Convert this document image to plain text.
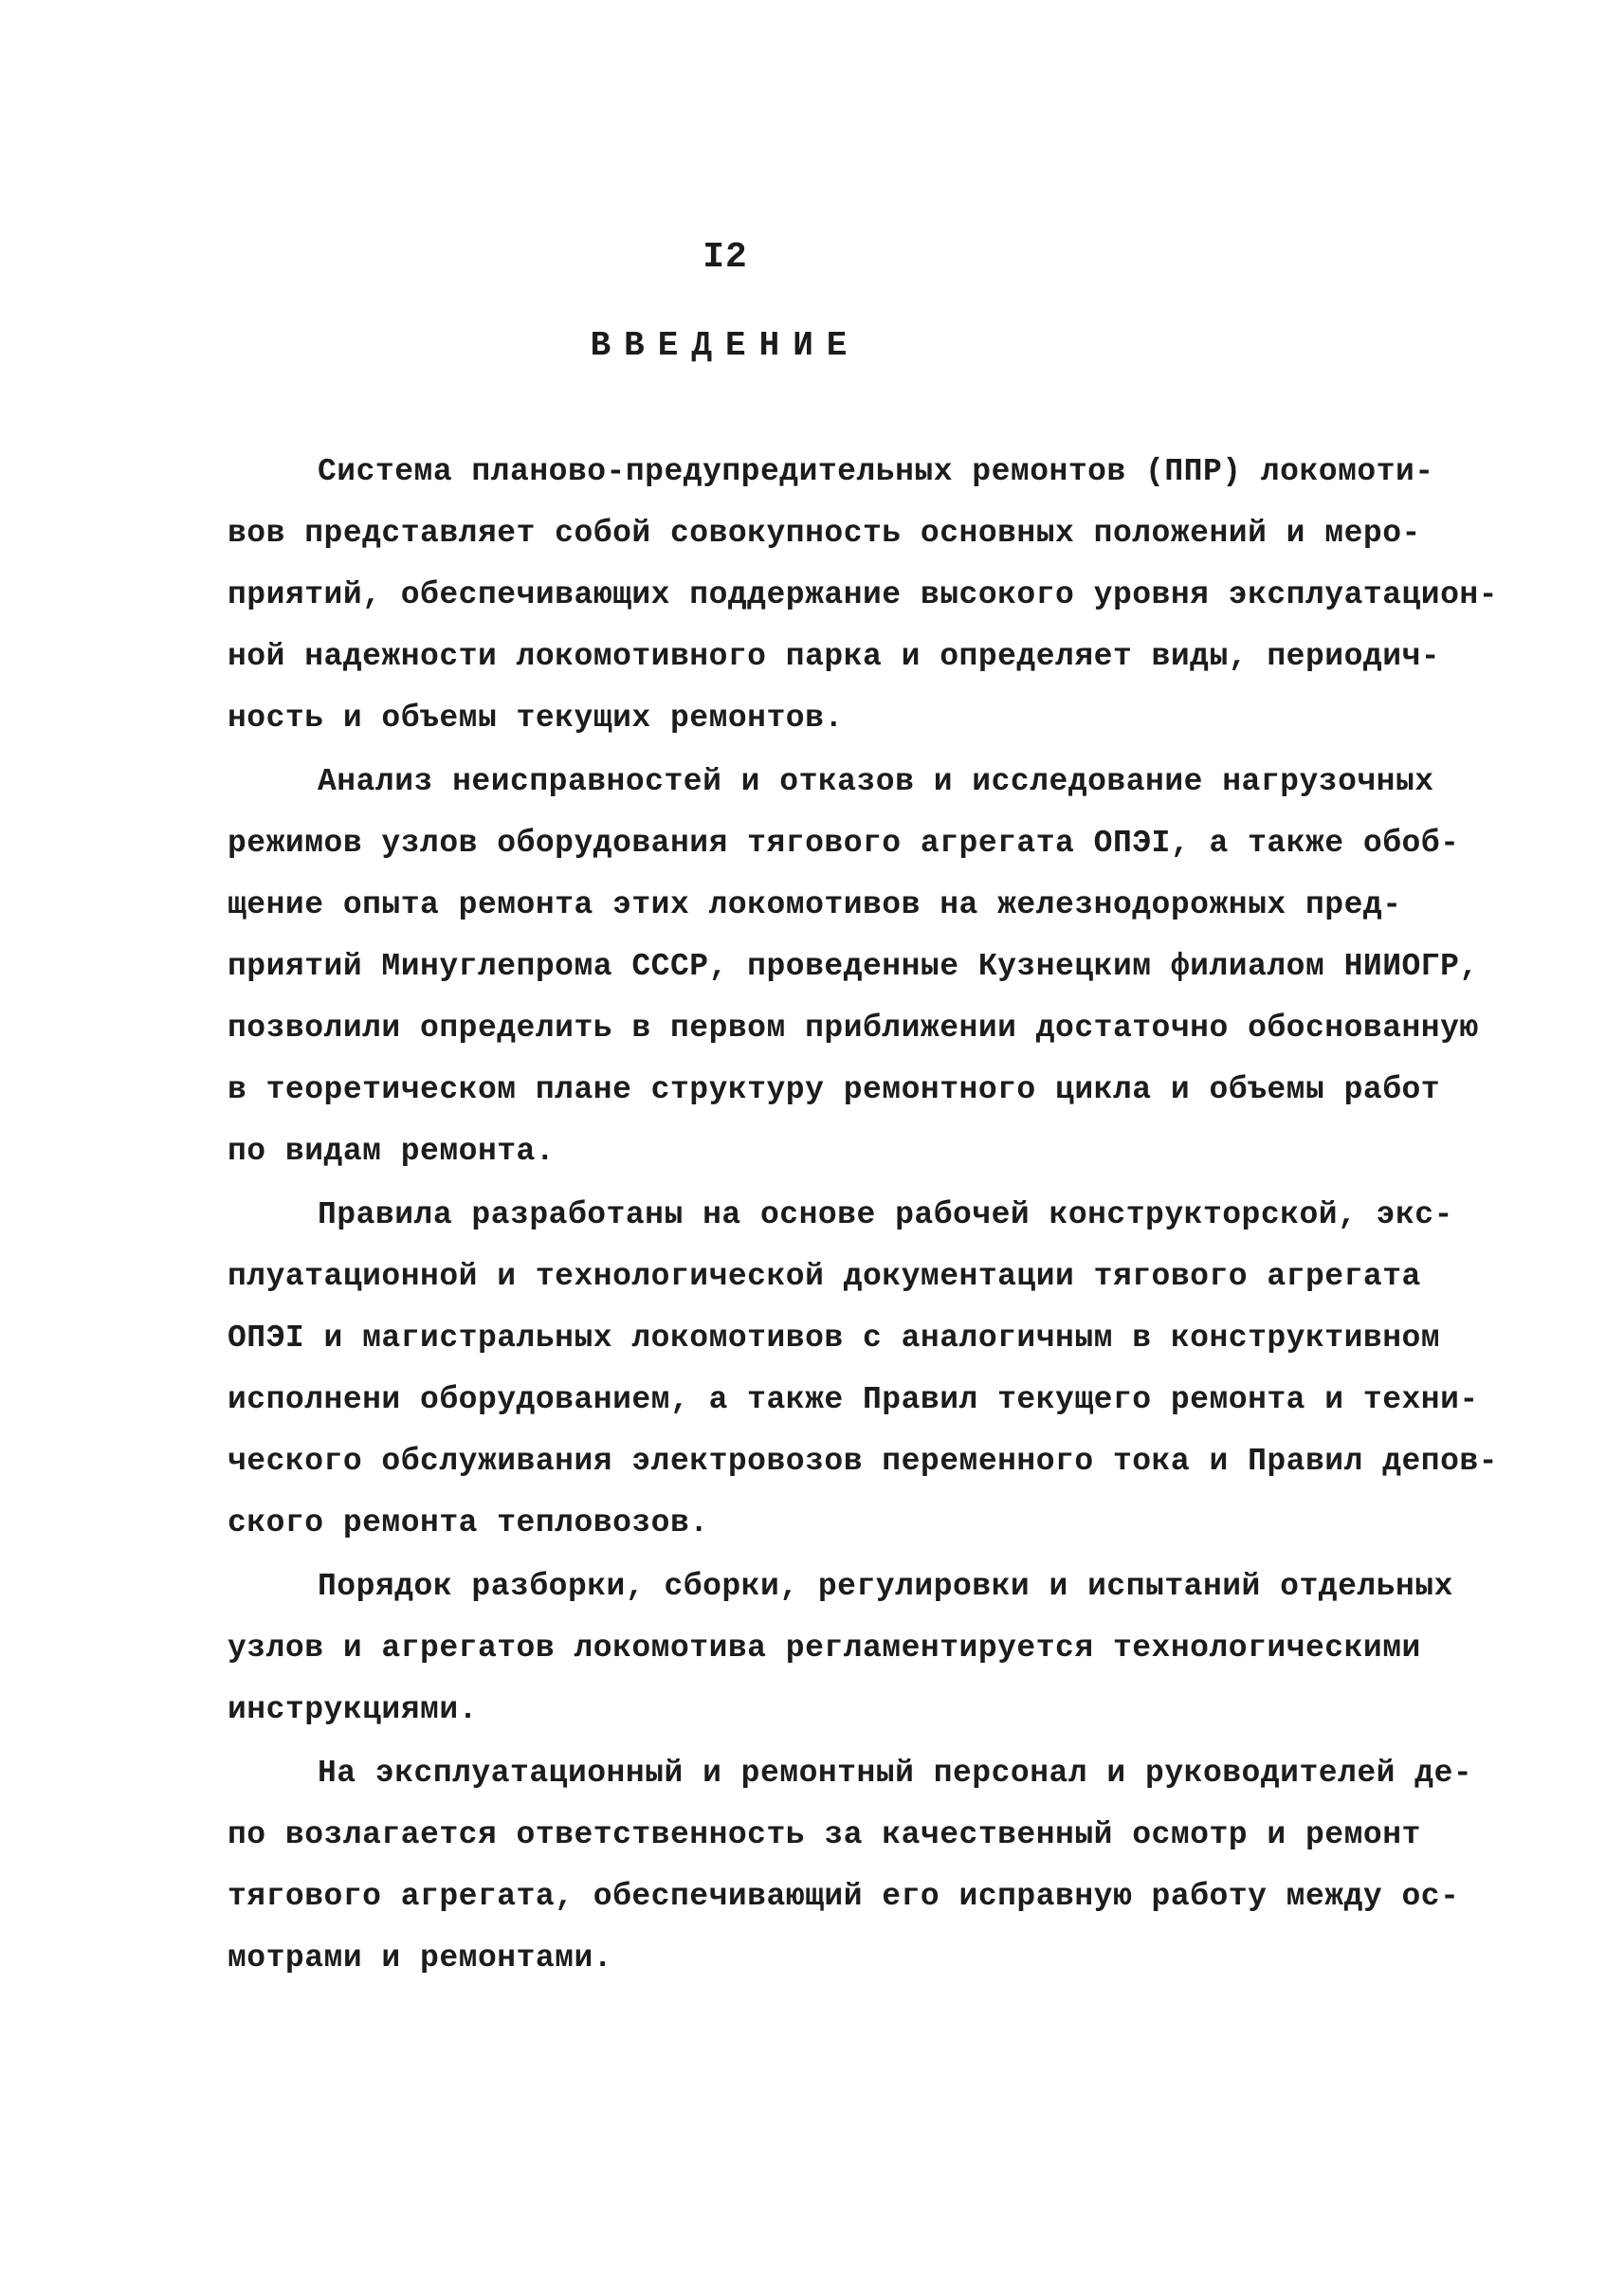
I2
ВВЕДЕНИЕ
Система планово-предупредительных ремонтов (ППР) локомоти-
вов представляет собой совокупность основных положений и меро-
приятий, обеспечивающих поддержание высокого уровня эксплуатацион-
ной надежности локомотивного парка и определяет виды, периодич-
ность и объемы текущих ремонтов.
Анализ неисправностей и отказов и исследование нагрузочных
режимов узлов оборудования тягового агрегата ОПЭI, а также обоб-
щение опыта ремонта этих локомотивов на железнодорожных пред-
приятий Минуглепрома СССР, проведенные Кузнецким филиалом НИИОГР,
позволили определить в первом приближении достаточно обоснованную
в теоретическом плане структуру ремонтного цикла и объемы работ
по видам ремонта.
Правила разработаны на основе рабочей конструкторской, экс-
плуатационной и технологической документации тягового агрегата
ОПЭI и магистральных локомотивов с аналогичным в конструктивном
исполнени оборудованием, а также Правил текущего ремонта и техни-
ческого обслуживания электровозов переменного тока и Правил депов-
ского ремонта тепловозов.
Порядок разборки, сборки, регулировки и испытаний отдельных
узлов и агрегатов локомотива регламентируется технологическими
инструкциями.
На эксплуатационный и ремонтный персонал и руководителей де-
по возлагается ответственность за качественный осмотр и ремонт
тягового агрегата, обеспечивающий его исправную работу между ос-
мотрами и ремонтами.
